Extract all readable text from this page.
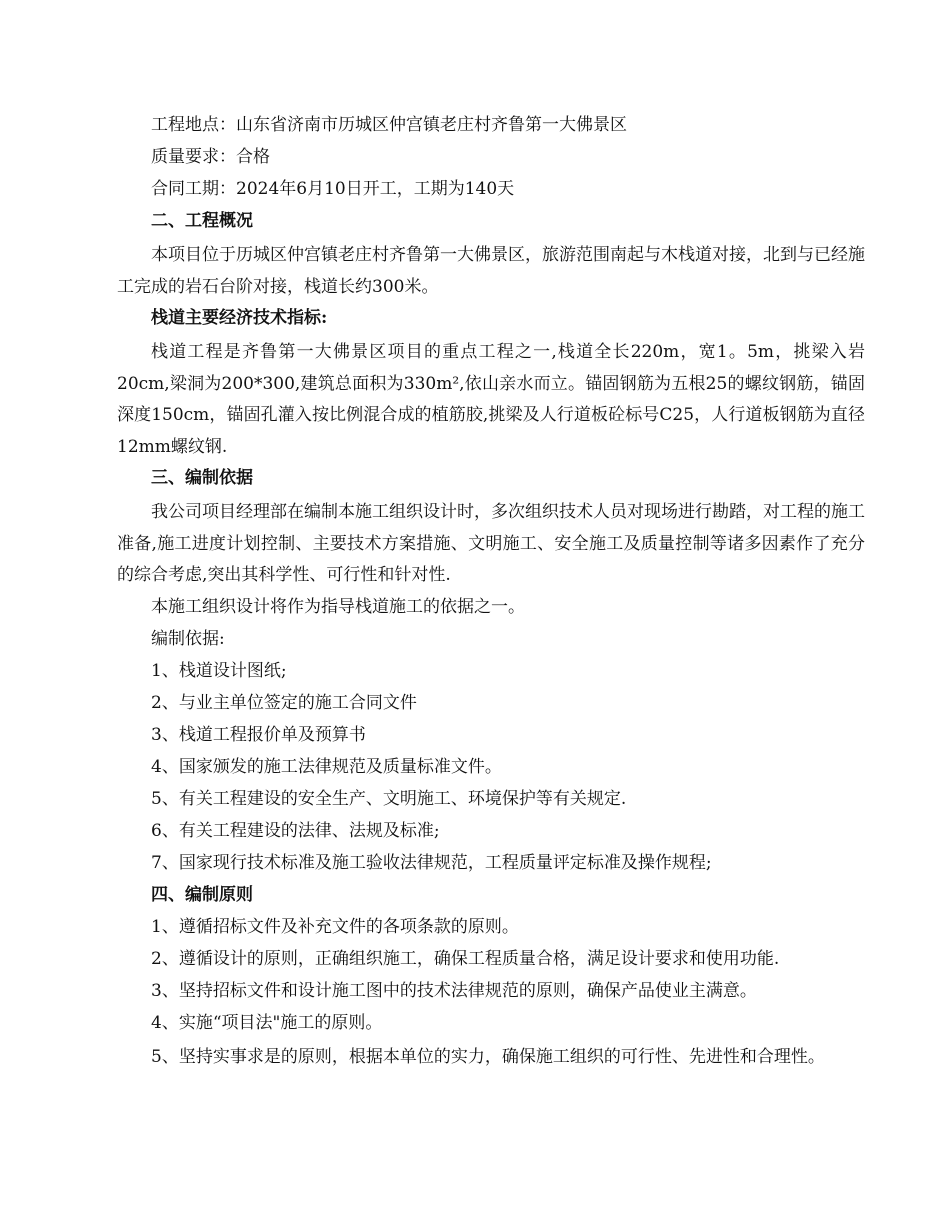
工程地点：山东省济南市历城区仲宫镇老庄村齐鲁第一大佛景区
质量要求：合格
合同工期：2024年6月10日开工，工期为140天
二、工程概况

本项目位于历城区仲宫镇老庄村齐鲁第一大佛景区，旅游范围南起与木栈道对接，北到与已经施工完成的岩石台阶对接，栈道长约300米。

栈道主要经济技术指标:

栈道工程是齐鲁第一大佛景区项目的重点工程之一,栈道全长220m，宽1。5m，挑梁入岩20cm,梁洞为200*300,建筑总面积为330m²,依山亲水而立。锚固钢筋为五根25的螺纹钢筋，锚固深度150cm，锚固孔灌入按比例混合成的植筋胶,挑梁及人行道板砼标号C25，人行道板钢筋为直径12mm螺纹钢.

三、编制依据

我公司项目经理部在编制本施工组织设计时，多次组织技术人员对现场进行勘踏，对工程的施工准备,施工进度计划控制、主要技术方案措施、文明施工、安全施工及质量控制等诸多因素作了充分的综合考虑,突出其科学性、可行性和针对性.

本施工组织设计将作为指导栈道施工的依据之一。
编制依据:
1、栈道设计图纸;
2、与业主单位签定的施工合同文件
3、栈道工程报价单及预算书
4、国家颁发的施工法律规范及质量标准文件。
5、有关工程建设的安全生产、文明施工、环境保护等有关规定.
6、有关工程建设的法律、法规及标准;
7、国家现行技术标准及施工验收法律规范，工程质量评定标准及操作规程;
四、编制原则
1、遵循招标文件及补充文件的各项条款的原则。
2、遵循设计的原则，正确组织施工，确保工程质量合格，满足设计要求和使用功能.
3、坚持招标文件和设计施工图中的技术法律规范的原则，确保产品使业主满意。
4、实施“项目法"施工的原则。

5、坚持实事求是的原则，根据本单位的实力，确保施工组织的可行性、先进性和合理性。
